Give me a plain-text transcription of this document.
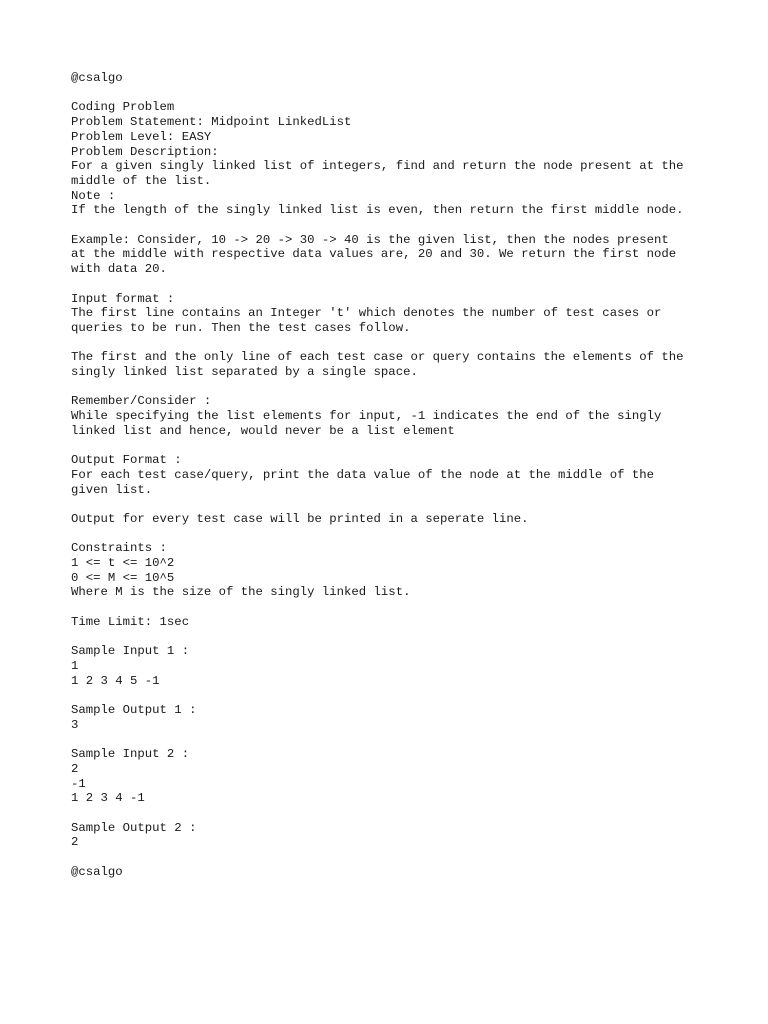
@csalgo
Coding Problem
Problem Statement: Midpoint LinkedList
Problem Level: EASY
Problem Description:
For a given singly linked list of integers, find and return the node present at the
middle of the list.
Note :
If the length of the singly linked list is even, then return the first middle node.
Example: Consider, 10 -> 20 -> 30 -> 40 is the given list, then the nodes present
at the middle with respective data values are, 20 and 30. We return the first node
with data 20.
Input format :
The first line contains an Integer 't' which denotes the number of test cases or
queries to be run. Then the test cases follow.
The first and the only line of each test case or query contains the elements of the
singly linked list separated by a single space.
Remember/Consider :
While specifying the list elements for input, -1 indicates the end of the singly
linked list and hence, would never be a list element
Output Format :
For each test case/query, print the data value of the node at the middle of the
given list.
Output for every test case will be printed in a seperate line.
Constraints :
1 <= t <= 10^2
0 <= M <= 10^5
Where M is the size of the singly linked list.
Time Limit: 1sec
Sample Input 1 :
1
1 2 3 4 5 -1
Sample Output 1 :
3
Sample Input 2 :
2
-1
1 2 3 4 -1
Sample Output 2 :
2
@csalgo
